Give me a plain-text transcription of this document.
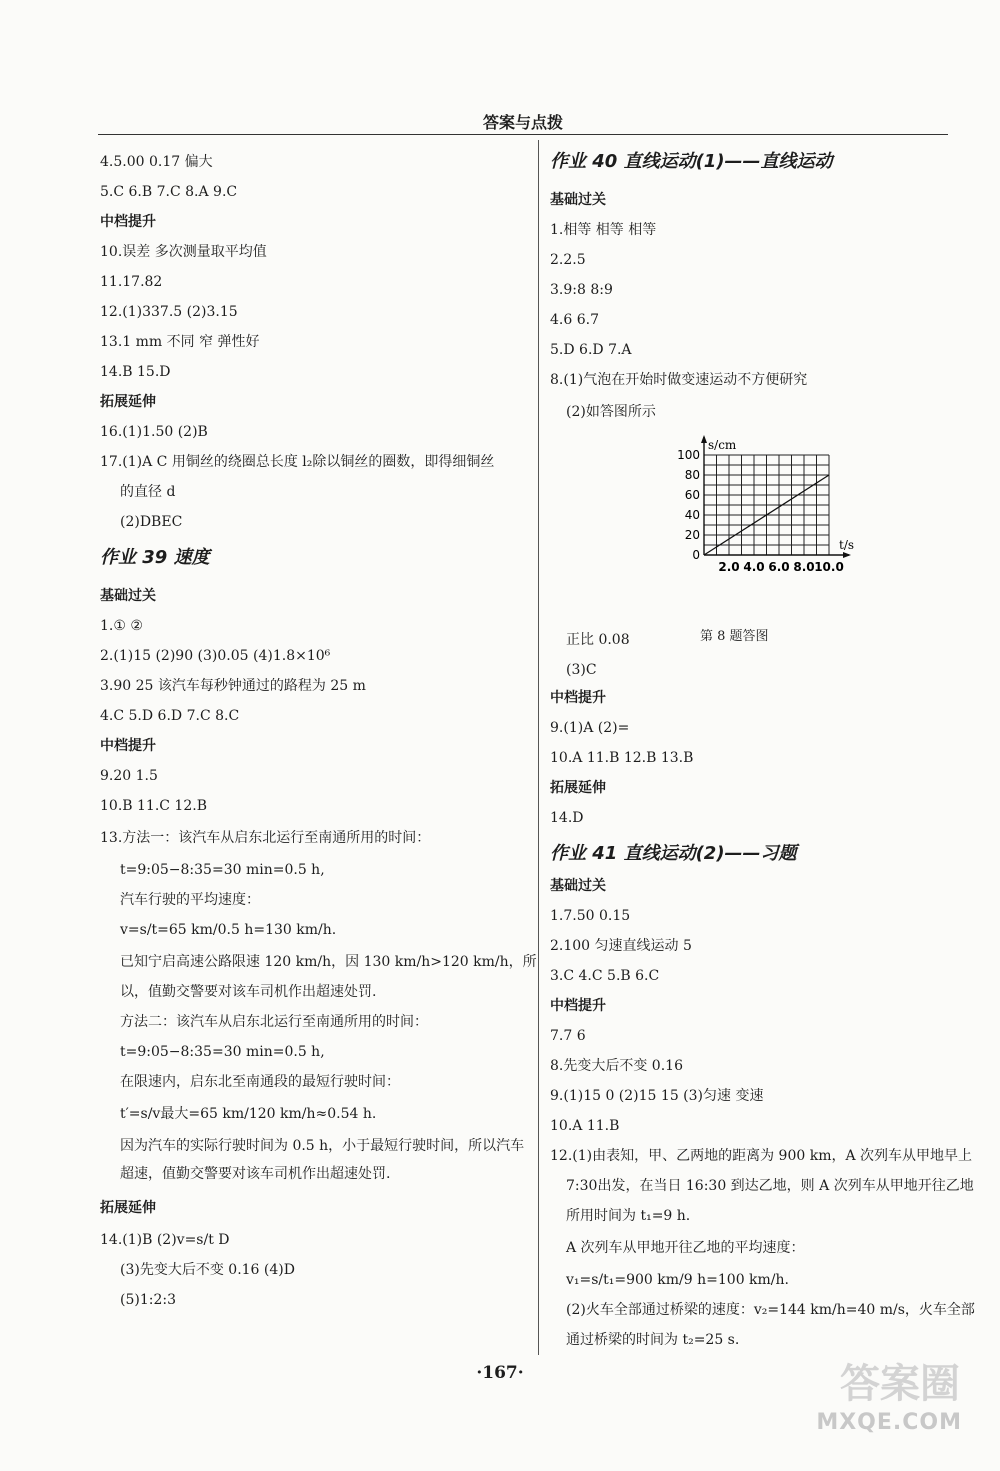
答案与点拨
4.5.00 0.17 偏大
5.C 6.B 7.C 8.A 9.C
中档提升
10.误差 多次测量取平均值
11.17.82
12.(1)337.5 (2)3.15
13.1 mm 不同 窄 弹性好
14.B 15.D
拓展延伸
16.(1)1.50 (2)B
17.(1)A C 用铜丝的绕圈总长度 l₂除以铜丝的圈数，即得细铜丝
的直径 d
(2)DBEC
作业 39 速度
基础过关
1.① ②
2.(1)15 (2)90 (3)0.05 (4)1.8×10⁶
3.90 25 该汽车每秒钟通过的路程为 25 m
4.C 5.D 6.D 7.C 8.C
中档提升
9.20 1.5
10.B 11.C 12.B
13.方法一：该汽车从启东北运行至南通所用的时间：
t=9:05−8:35=30 min=0.5 h,
汽车行驶的平均速度：
v=s/t=65 km/0.5 h=130 km/h.
已知宁启高速公路限速 120 km/h，因 130 km/h>120 km/h，所
以，值勤交警要对该车司机作出超速处罚.
方法二：该汽车从启东北运行至南通所用的时间：
t=9:05−8:35=30 min=0.5 h,
在限速内，启东北至南通段的最短行驶时间：
t′=s/v最大=65 km/120 km/h≈0.54 h.
因为汽车的实际行驶时间为 0.5 h，小于最短行驶时间，所以汽车
超速，值勤交警要对该车司机作出超速处罚.
拓展延伸
14.(1)B (2)v=s/t D
(3)先变大后不变 0.16 (4)D
(5)1:2:3
作业 40 直线运动(1)——直线运动
基础过关
1.相等 相等 相等
2.2.5
3.9:8 8:9
4.6 6.7
5.D 6.D 7.A
8.(1)气泡在开始时做变速运动不方便研究
(2)如答图所示
正比 0.08
(3)C
中档提升
9.(1)A (2)=
10.A 11.B 12.B 13.B
拓展延伸
14.D
作业 41 直线运动(2)——习题
基础过关
1.7.50 0.15
2.100 匀速直线运动 5
3.C 4.C 5.B 6.C
中档提升
7.7 6
8.先变大后不变 0.16
9.(1)15 0 (2)15 15 (3)匀速 变速
10.A 11.B
12.(1)由表知，甲、乙两地的距离为 900 km，A 次列车从甲地早上
7:30出发，在当日 16:30 到达乙地，则 A 次列车从甲地开往乙地
所用时间为 t₁=9 h.
A 次列车从甲地开往乙地的平均速度：
v₁=s/t₁=900 km/9 h=100 km/h.
(2)火车全部通过桥梁的速度：v₂=144 km/h=40 m/s，火车全部
通过桥梁的时间为 t₂=25 s.
s/cm
t/s
100
80
60
40
20
0
2.0 4.0 6.0 8.0 10.0
第 8 题答图
·167·	答案圈
MXQE.COM
